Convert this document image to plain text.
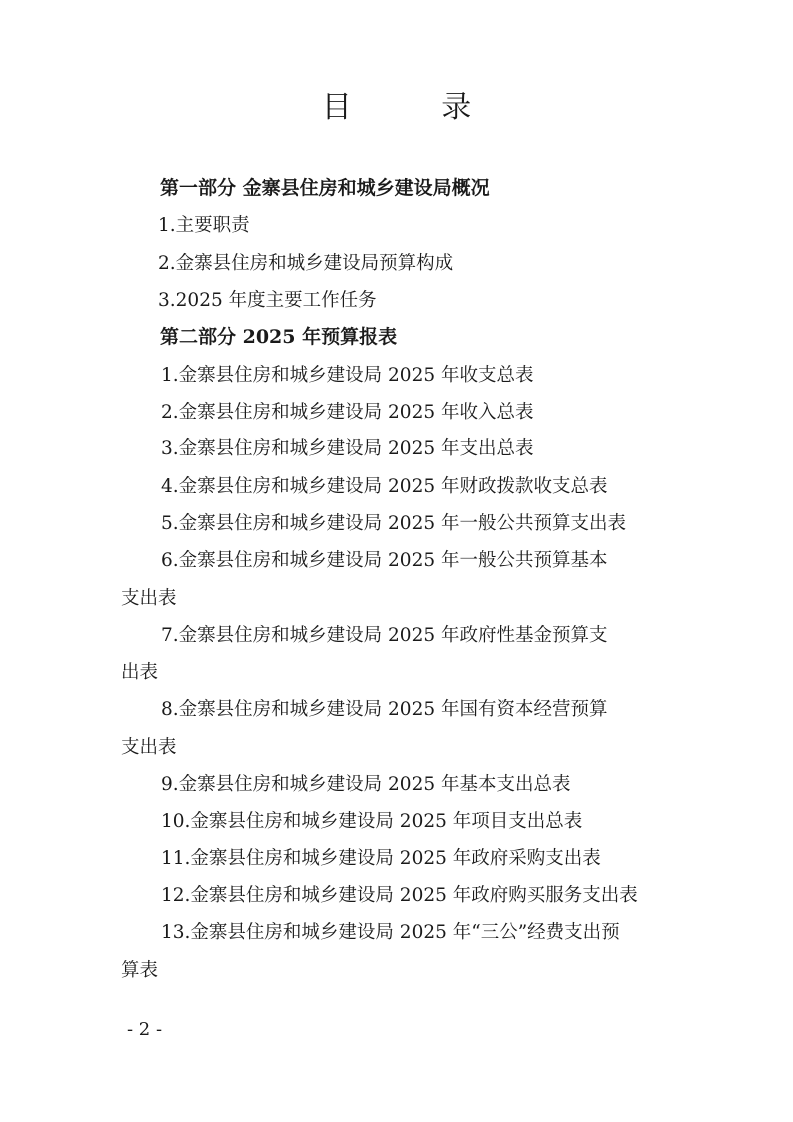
目 录
第一部分 金寨县住房和城乡建设局概况
1.主要职责
2.金寨县住房和城乡建设局预算构成
3.2025 年度主要工作任务
第二部分 2025 年预算报表
1.金寨县住房和城乡建设局 2025 年收支总表
2.金寨县住房和城乡建设局 2025 年收入总表
3.金寨县住房和城乡建设局 2025 年支出总表
4.金寨县住房和城乡建设局 2025 年财政拨款收支总表
5.金寨县住房和城乡建设局 2025 年一般公共预算支出表
6.金寨县住房和城乡建设局 2025 年一般公共预算基本
支出表
7.金寨县住房和城乡建设局 2025 年政府性基金预算支
出表
8.金寨县住房和城乡建设局 2025 年国有资本经营预算
支出表
9.金寨县住房和城乡建设局 2025 年基本支出总表
10.金寨县住房和城乡建设局 2025 年项目支出总表
11.金寨县住房和城乡建设局 2025 年政府采购支出表
12.金寨县住房和城乡建设局 2025 年政府购买服务支出表
13.金寨县住房和城乡建设局 2025 年“三公”经费支出预
算表
- 2 -
